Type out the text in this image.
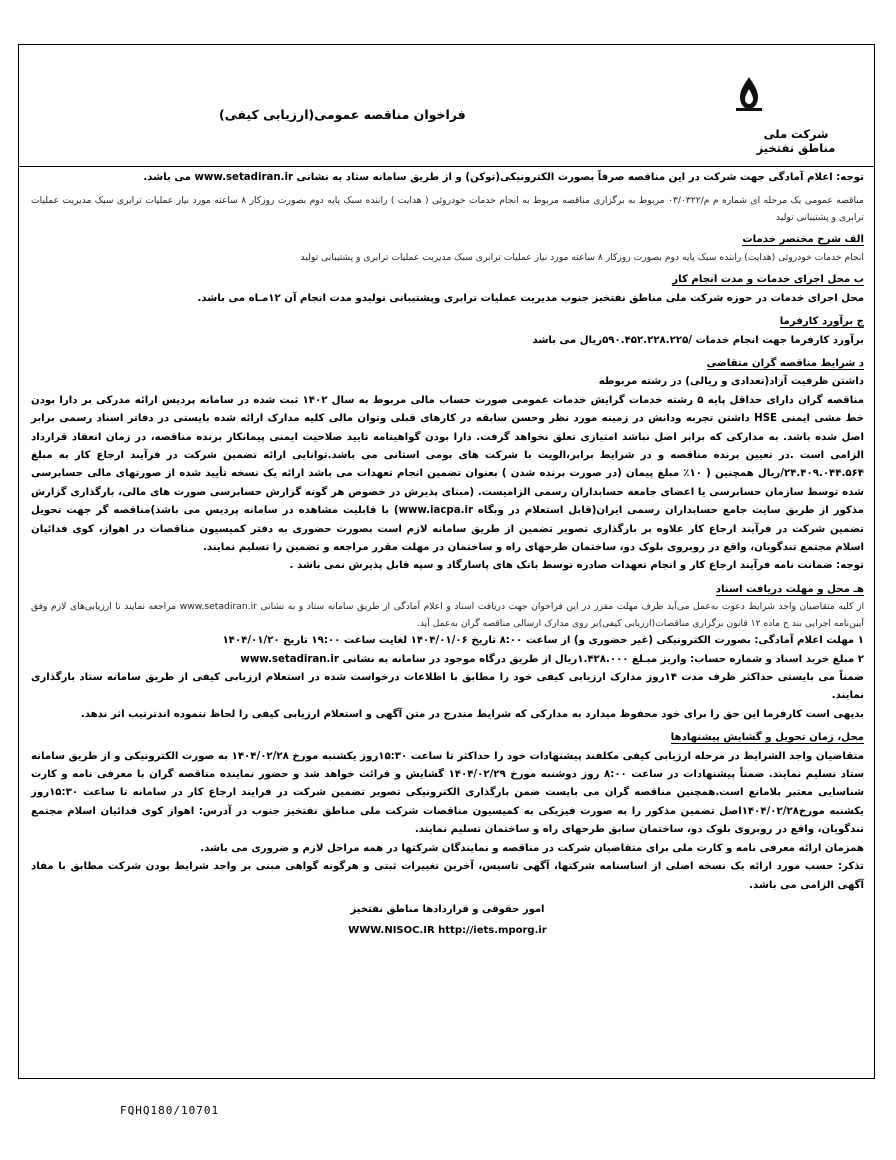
فراخوان مناقصه عمومی(ارزیابی کیفی)
شرکت ملی
مناطق نفتخیز

توجه: اعلام آمادگی جهت شرکت در این مناقصه صرفاً بصورت الکترونیکی(توکن) و از طریق سامانه ستاد به نشانی www.setadiran.ir می باشد.

مناقصه عمومی یک مرحله ای شماره م م/۰۳/۰۳۲۲ مربوط به برگزاری مناقصه مربوط به انجام خدمات خودروئی ( هدایت ) راننده سبک پایه دوم بصورت روزکار ۸ ساعته مورد نیاز عملیات ترابری سبک مدیریت عملیات ترابری و پشتیبانی تولید

الف شرح مختصر خدمات

انجام خدمات خودروئی (هدایت) راننده سبک پایه دوم بصورت روزکار ۸ ساعته مورد نیاز عملیات ترابری سبک مدیریت عملیات ترابری و پشتیبانی تولید

ب محل اجرای خدمات و مدت انجام کار

محل اجرای خدمات در حوزه شرکت ملی مناطق نفتخیز جنوب مدیریت عملیات ترابری وپشتیبانی تولیدو مدت انجام آن ۱۲مـاه می باشد.

ج برآورد کارفرما

برآورد کارفرما جهت انجام خدمات /۵۹۰.۴۵۲.۲۲۸.۲۲۵ریال می باشد

د شرایط مناقصه گران متقاضی

داشتن ظرفیت آزاد(تعدادی و ریالی) در رشته مربوطه

مناقصه گران دارای حداقل پایه ۵ رشته خدمات گرایش خدمات عمومی صورت حساب مالی مربوط به سال ۱۴۰۲ ثبت شده در سامانه پردیس ارائه مدرکی بر دارا بودن خط مشی ایمنی HSE داشتن تجربه ودانش در زمینه مورد نظر وحسن سابقه در کارهای قبلی وتوان مالی کلیه مدارک ارائه شده بایستی در دفاتر اسناد رسمی برابر اصل شده باشد. به مدارکی که برابر اصل نباشد امتیازی تعلق نخواهد گرفت. دارا بودن گواهینامه تایید صلاحیت ایمنی پیمانکار برنده مناقصه، در زمان انعقاد قرارداد الزامی است .در تعیین برنده مناقصه و در شرایط برابر،الویت با شرکت های بومی استانی می باشد.توانایی ارائه تضمین شرکت در فرآیند ارجاع کار به مبلغ ۲۴.۴۰۹.۰۴۴.۵۶۴/ریال همچنین ( ۱۰٪ مبلغ پیمان (در صورت برنده شدن ) بعنوان تضمین انجام تعهدات می باشد ارائه یک نسخه تأیید شده از صورتهای مالی حسابرسی شده توسط سازمان حسابرسی یا اعضای جامعه حسابداران رسمی الزامیست. (مبنای پذیرش در خصوص هر گونه گزارش حسابرسی صورت های مالی، بارگذاری گزارش مذکور از طریق سایت جامع حسابداران رسمی ایران(قابل استعلام در وبگاه www.iacpa.ir) با قابلیت مشاهده در سامانه پردیس می باشد)مناقصه گر جهت تحویل تضمین شرکت در فرآیند ارجاع کار علاوه بر بارگذاری تصویر تضمین از طریق سامانه لازم است بصورت حضوری به دفتر کمیسیون مناقصات در اهواز، کوی فدائیان اسلام مجتمع تندگویان، واقع در روبروی بلوک دو، ساختمان طرحهای راه و ساختمان در مهلت مقرر مراجعه و تضمین را تسلیم نمایند.

توجه: ضمانت نامه فرآیند ارجاع کار و انجام تعهدات صادره توسط بانک های پاسارگاد و سپه قابل پذیرش نمی باشد .

هـ محل و مهلت دریافت اسناد

از کلیه متقاضیان واجد شرایط دعوت به‌عمل می‌آید ظرف مهلت مقرر در این فراخوان جهت دریافت اسناد و اعلام آمادگی از طریق سامانه ستاد و به نشانی www.setadiran.ir مراجعه نمایند تا ارزیابی‌های لازم وفق آیین‌نامه اجرایی بند ج ماده ۱۲ قانون برگزاری مناقصات(ارزیابی کیفی)بر روی مدارک ارسالی مناقصه گران به‌عمل آید.

۱ مهلت اعلام آمادگی: بصورت الکترونیکی (غیر حضوری و) از ساعت ۸:۰۰ تاریخ ۱۴۰۴/۰۱/۰۶ لغایت ساعت ۱۹:۰۰ تاریخ ۱۴۰۴/۰۱/۲۰

۲ مبلغ خرید اسناد و شماره حساب: واریز مبـلغ ۱.۴۲۸.۰۰۰ریال از طریق درگاه موجود در سامانه به نشانی www.setadiran.ir

ضمناً می بایستی حداکثر ظرف مدت ۱۴روز مدارک ارزیابی کیفی خود را مطابق با اطلاعات درخواست شده در استعلام ارزیابی کیفی از طریق سامانه ستاد بارگذاری نمایند.

بدیهی است کارفرما این حق را برای خود محفوظ میدارد به مدارکی که شرایط مندرج در متن آگهی و استعلام ارزیابی کیفی را لحاظ ننموده اندترتیب اثر ندهد.

محل، زمان تحویل و گشایش پیشنهادها

متقاضیان واجد الشرایط در مرحله ارزیابی کیفی مکلفند پیشنهادات خود را حداکثر تا ساعت ۱۵:۳۰روز یکشنبه مورخ ۱۴۰۴/۰۲/۲۸ به صورت الکترونیکی و از طریق سامانه ستاد تسلیم نمایند. ضمناً پیشنهادات در ساعت ۸:۰۰ روز دوشنبه مورخ ۱۴۰۴/۰۲/۲۹ گشایش و قرائت خواهد شد و حضور نماینده مناقصه گران با معرفی نامه و کارت شناسایی معتبر بلامانع است.همچنین مناقصه گران می بایست ضمن بارگذاری الکترونیکی تصویر تضمین شرکت در فرایند ارجاع کار در سامانه تا ساعت ۱۵:۳۰روز یکشنبه مورخ۱۴۰۴/۰۲/۲۸اصل تضمین مذکور را به صورت فیزیکی به کمیسیون مناقصات شرکت ملی مناطق نفتخیز جنوب در آدرس: اهواز کوی فدائیان اسلام مجتمع تندگویان، واقع در روبروی بلوک دو، ساختمان سابق طرحهای راه و ساختمان تسلیم نمایند.

همزمان ارائه معرفی نامه و کارت ملی برای متقاضیان شرکت در مناقصه و نمایندگان شرکتها در همه مراحل لازم و ضروری می باشد.

تذکر: حسب مورد ارائه یک نسخه اصلی از اساسنامه شرکتها، آگهی تاسیس، آخرین تغییرات ثبتی و هرگونه گواهی مبنی بر واجد شرایط بودن شرکت مطابق با مفاد آگهی الزامی می باشد.

امور حقوقی و قراردادها مناطق نفتخیز
WWW.NISOC.IR http://iets.mporg.ir
FQHQ180/10701
